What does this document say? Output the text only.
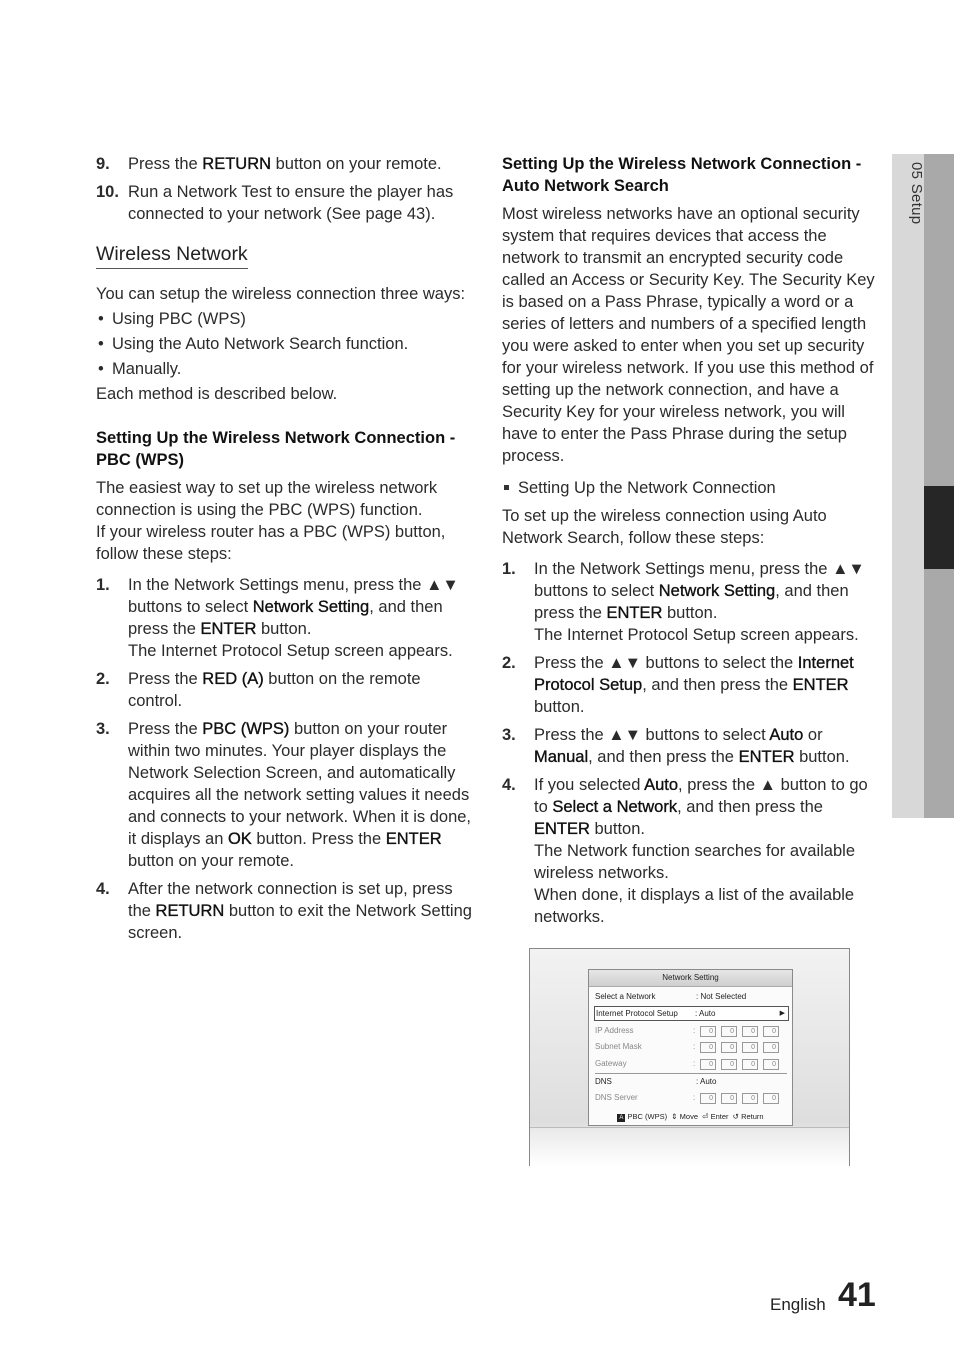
05 Setup
9. Press the RETURN button on your remote.
10. Run a Network Test to ensure the player has connected to your network (See page 43).
Wireless Network

You can setup the wireless connection three ways:

• Using PBC (WPS)
• Using the Auto Network Search function.
• Manually.

Each method is described below.

Setting Up the Wireless Network Connection - PBC (WPS)

The easiest way to set up the wireless network connection is using the PBC (WPS) function.

If your wireless router has a PBC (WPS) button, follow these steps:

1. In the Network Settings menu, press the ▲▼ buttons to select Network Setting, and then press the ENTER button.
The Internet Protocol Setup screen appears.
2. Press the RED (A) button on the remote control.
3. Press the PBC (WPS) button on your router within two minutes. Your player displays the Network Selection Screen, and automatically acquires all the network setting values it needs and connects to your network. When it is done, it displays an OK button. Press the ENTER button on your remote.
4. After the network connection is set up, press the RETURN button to exit the Network Setting screen.

Setting Up the Wireless Network Connection - Auto Network Search

Most wireless networks have an optional security system that requires devices that access the network to transmit an encrypted security code called an Access or Security Key. The Security Key is based on a Pass Phrase, typically a word or a series of letters and numbers of a specified length you were asked to enter when you set up security for your wireless network. If you use this method of setting up the network connection, and have a Security Key for your wireless network, you will have to enter the Pass Phrase during the setup process.

Setting Up the Network Connection

To set up the wireless connection using Auto Network Search, follow these steps:

1. In the Network Settings menu, press the ▲▼ buttons to select Network Setting, and then press the ENTER button.
The Internet Protocol Setup screen appears.
2. Press the ▲▼ buttons to select the Internet Protocol Setup, and then press the ENTER button.
3. Press the ▲▼ buttons to select Auto or Manual, and then press the ENTER button.
4. If you selected Auto, press the ▲ button to go to Select a Network, and then press the ENTER button.
The Network function searches for available wireless networks.
When done, it displays a list of the available networks.
Network Setting
Select a Network	: Not Selected
Internet Protocol Setup : Auto	▶
IP Address	:	0 0 0 0
Subnet Mask	:	0 0 0 0
Gateway	:	0 0 0 0
DNS	: Auto
DNS Server	:	0 0 0 0
A PBC (WPS) ⇕ Move ⏎ Enter ↺ Return
English 41
